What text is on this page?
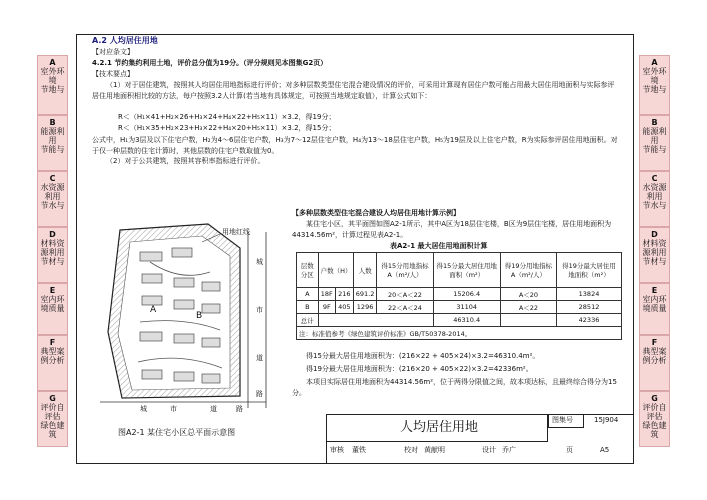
A
室外环境
节地与
B
能源利用
节能与
C
水资源利用
节水与
D
材料资源利用
节材与
E
室内环境质量
F
典型案例分析
G
评价自评估
绿色建筑
A
室外环境
节地与
B
能源利用
节能与
C
水资源利用
节水与
D
材料资源利用
节材与
E
室内环境质量
F
典型案例分析
G
评价自评估
绿色建筑
A.2 人均居住用地
【对应条文】
4.2.1 节约集约利用土地，评价总分值为19分。（评分规则见本图集G2页）
【技术要点】
（1）对于居住建筑，按照其人均居住用地指标进行评价；对多种层数类型住宅混合建设情况的评价，可采用计算现有居住户数可能占用最大居住用地面积与实际参评居住用地面积相比较的方法，每户按照3.2人计算(若当地有具体规定，可按照当地规定取值），计算公式如下：
R＜（H₁×41+H₂×26+H₃×24+H₄×22+H₅×11）×3.2，得19分；
R＜（H₁×35+H₂×23+H₃×22+H₄×20+H₅×11）×3.2，得15分；
公式中，H₁为3层及以下住宅户数，H₂为4～6层住宅户数，H₃为7～12层住宅户数，H₄为13～18层住宅户数，H₅为19层及以上住宅户数，R为实际参评居住用地面积。对于仅一种层数的住宅计算时，其他层数的住宅户数取值为0。
（2）对于公共建筑，按照其容积率指标进行评价。
用地红线
A
B
城
市
道
路
城	市	道	路
图A2-1 某住宅小区总平面示意图
【多种层数类型住宅混合建设人均居住用地计算示例】
某住宅小区，其平面图如图A2-1所示，其中A区为18层住宅楼，B区为9层住宅楼，居住用地面积为44314.56m²，计算过程见表A2-1。
表A2-1 最大居住用地面积计算
层数分区	户数（H）		人数	得15分用地指标A（m²/人）	得15分最大居住用地面积（m²）	得19分用地指标A（m²/人）	得19分最大居住用地面积（m²）
A	18F	216	691.2	20＜A＜22	15206.4	A＜20	13824
B	9F	405	1296	22＜A＜24	31104	A＜22	28512
总计					46310.4		42336
注：标准值参考《绿色建筑评价标准》GB/T50378-2014。							
得15分最大居住用地面积为：(216×22 + 405×24)×3.2=46310.4m²。
得19分最大居住用地面积为：(216×20 + 405×22)×3.2=42336m²。
本项目实际居住用地面积为44314.56m²，位于两得分限值之间，故本项达标，且最终综合得分为15分。
人均居住用地	图集号	15J904
审核 董铁	校对 黄献明	设计 乔广	页	A5
